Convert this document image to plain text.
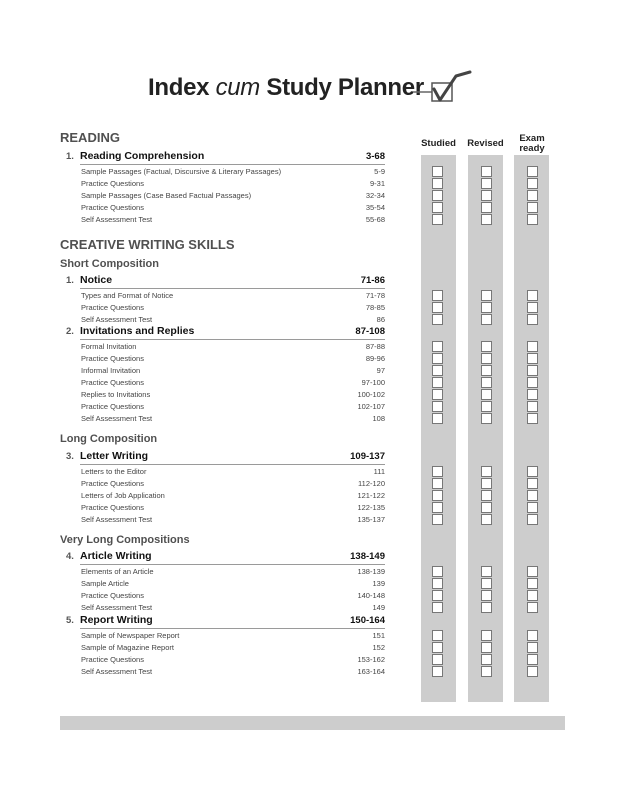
Index cum Study Planner
Studied	Revised	Exam ready
READING
1. Reading Comprehension	3-68
Sample Passages (Factual, Discursive & Literary Passages)	5-9
Practice Questions	9-31
Sample Passages (Case Based Factual Passages)	32-34
Practice Questions	35-54
Self Assessment Test	55-68
CREATIVE WRITING SKILLS
Short Composition
1. Notice	71-86
Types and Format of Notice	71-78
Practice Questions	78-85
Self Assessment Test	86
2. Invitations and Replies	87-108
Formal Invitation	87-88
Practice Questions	89-96
Informal Invitation	97
Practice Questions	97-100
Replies to Invitations	100-102
Practice Questions	102-107
Self Assessment Test	108
Long Composition
3. Letter Writing	109-137
Letters to the Editor	111
Practice Questions	112-120
Letters of Job Application	121-122
Practice Questions	122-135
Self Assessment Test	135-137
Very Long Compositions
4. Article Writing	138-149
Elements of an Article	138-139
Sample Article	139
Practice Questions	140-148
Self Assessment Test	149
5. Report Writing	150-164
Sample of Newspaper Report	151
Sample of Magazine Report	152
Practice Questions	153-162
Self Assessment Test	163-164
